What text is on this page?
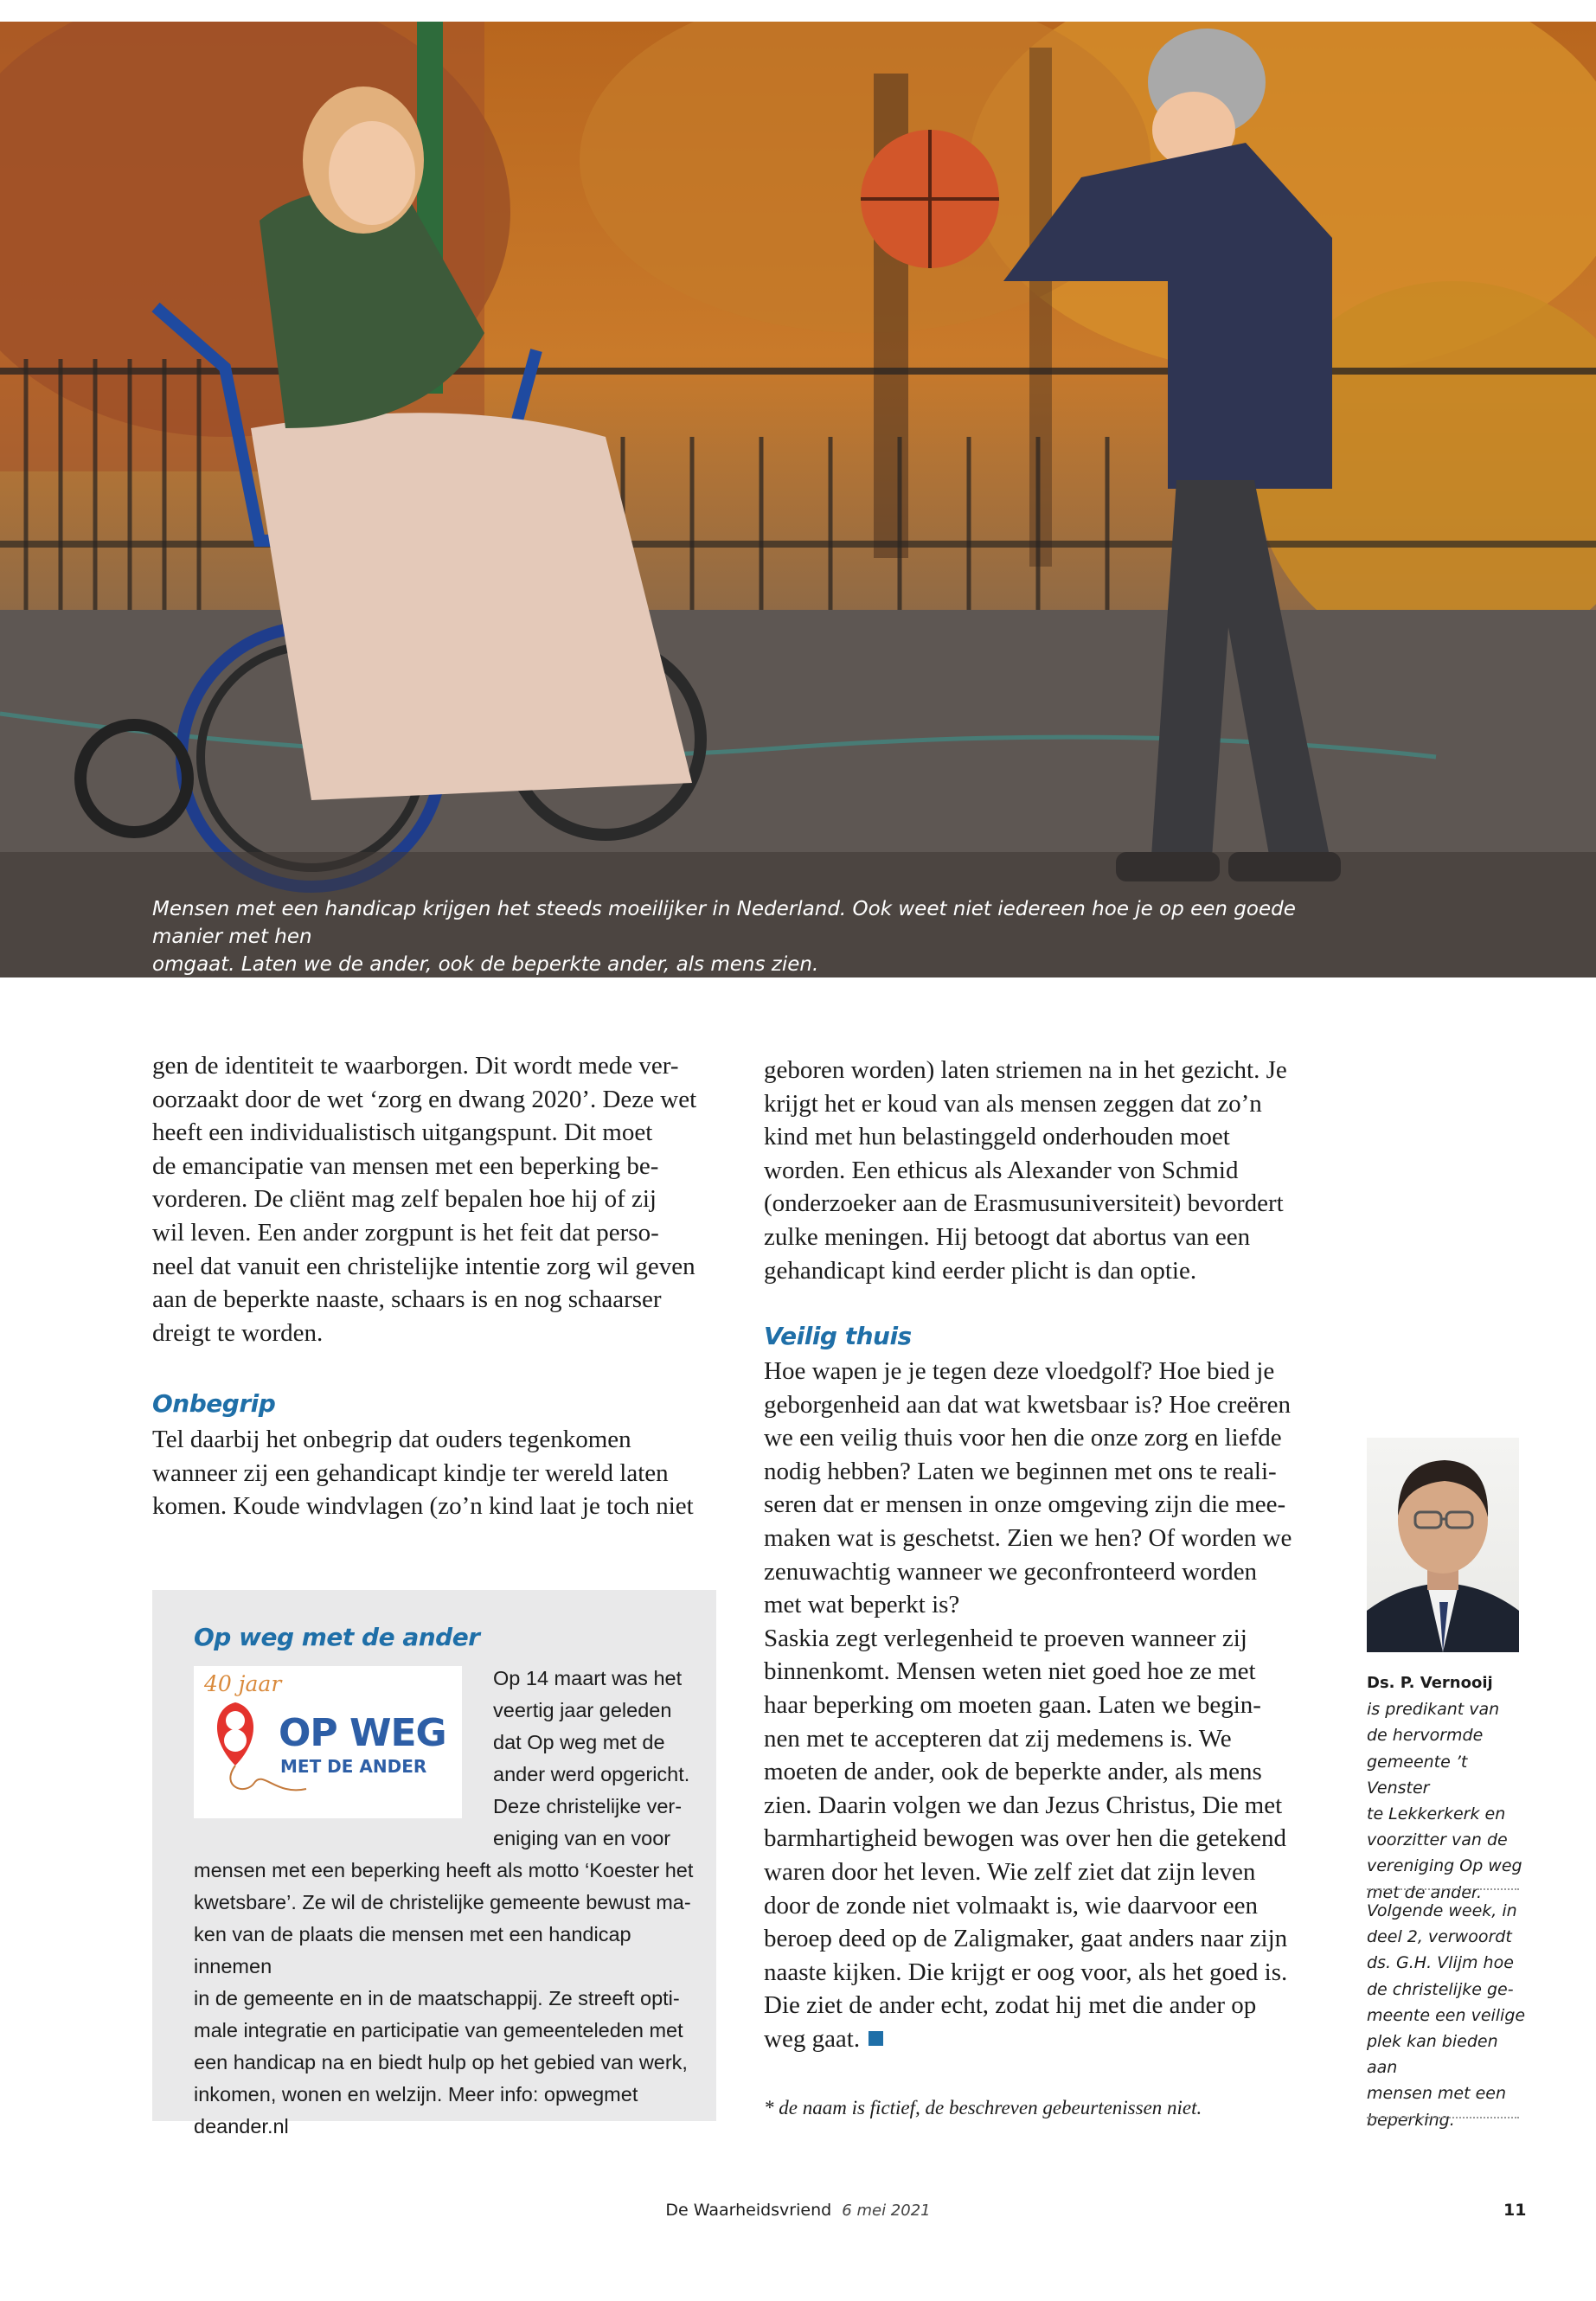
Mensen met een handicap krijgen het steeds moeilijker in Nederland. Ook weet niet iedereen hoe je op een goede manier met hen
omgaat. Laten we de ander, ook de beperkte ander, als mens zien.

gen de identiteit te waarborgen. Dit wordt mede ver-
oorzaakt door de wet ‘zorg en dwang 2020’. Deze wet
heeft een individualistisch uitgangspunt. Dit moet
de emancipatie van mensen met een beperking be-
vorderen. De cliënt mag zelf bepalen hoe hij of zij
wil leven. Een ander zorgpunt is het feit dat perso-
neel dat vanuit een christelijke intentie zorg wil geven
aan de beperkte naaste, schaars is en nog schaarser
dreigt te worden.

Onbegrip

Tel daarbij het onbegrip dat ouders tegenkomen
wanneer zij een gehandicapt kindje ter wereld laten
komen. Koude windvlagen (zo’n kind laat je toch niet

Op weg met de ander
40 jaar
OP WEG
MET DE ANDER

Op 14 maart was het
veertig jaar geleden
dat Op weg met de
ander werd opgericht.
Deze christelijke ver-
eniging van en voor

mensen met een beperking heeft als motto ‘Koester het
kwetsbare’. Ze wil de christelijke gemeente bewust ma-
ken van de plaats die mensen met een handicap innemen
in de gemeente en in de maatschappij. Ze streeft opti-
male integratie en participatie van gemeenteleden met
een handicap na en biedt hulp op het gebied van werk,
inkomen, wonen en welzijn. Meer info: opwegmet
deander.nl

geboren worden) laten striemen na in het gezicht. Je
krijgt het er koud van als mensen zeggen dat zo’n
kind met hun belastinggeld onderhouden moet
worden. Een ethicus als Alexander von Schmid
(onderzoeker aan de Erasmusuniversiteit) bevordert
zulke meningen. Hij betoogt dat abortus van een
gehandicapt kind eerder plicht is dan optie.

Veilig thuis

Hoe wapen je je tegen deze vloedgolf? Hoe bied je
geborgenheid aan dat wat kwetsbaar is? Hoe creëren
we een veilig thuis voor hen die onze zorg en liefde
nodig hebben? Laten we beginnen met ons te reali-
seren dat er mensen in onze omgeving zijn die mee-
maken wat is geschetst. Zien we hen? Of worden we
zenuwachtig wanneer we geconfronteerd worden
met wat beperkt is?
Saskia zegt verlegenheid te proeven wanneer zij
binnenkomt. Mensen weten niet goed hoe ze met
haar beperking om moeten gaan. Laten we begin-
nen met te accepteren dat zij medemens is. We
moeten de ander, ook de beperkte ander, als mens
zien. Daarin volgen we dan Jezus Christus, Die met
barmhartigheid bewogen was over hen die getekend
waren door het leven. Wie zelf ziet dat zijn leven
door de zonde niet volmaakt is, wie daarvoor een
beroep deed op de Zaligmaker, gaat anders naar zijn
naaste kijken. Die krijgt er oog voor, als het goed is.
Die ziet de ander echt, zodat hij met die ander op
weg gaat.

* de naam is fictief, de beschreven gebeurtenissen niet.

Ds. P. Vernooij
is predikant van
de hervormde
gemeente ’t Venster
te Lekkerkerk en
voorzitter van de
vereniging Op weg
met de ander.

Volgende week, in
deel 2, verwoordt
ds. G.H. Vlijm hoe
de christelijke ge-
meente een veilige
plek kan bieden aan
mensen met een
beperking.

De Waarheidsvriend 6 mei 2021	11
